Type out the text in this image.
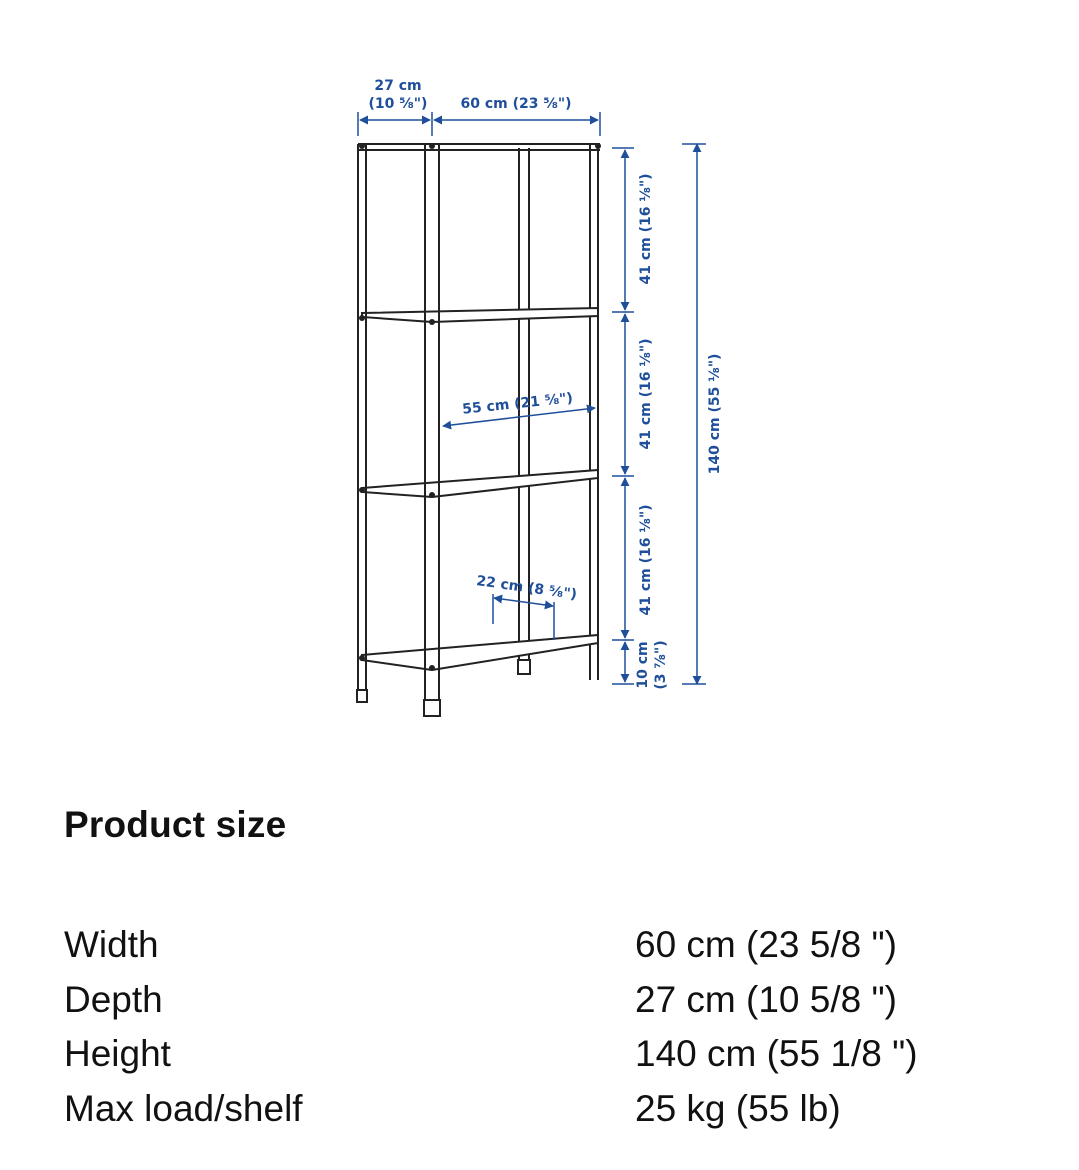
27 cm
(10 ⅝") 60 cm (23 ⅝")
140 cm (55 ⅛")
41 cm (16 ⅛")
41 cm (16 ⅛")
41 cm (16 ⅛")
10 cm (3 ⅞")
55 cm (21 ⅝")
22 cm (8 ⅝")
Product size
Width	60 cm (23 5/8 ")
Depth	27 cm (10 5/8 ")
Height	140 cm (55 1/8 ")
Max load/shelf	25 kg (55 lb)
